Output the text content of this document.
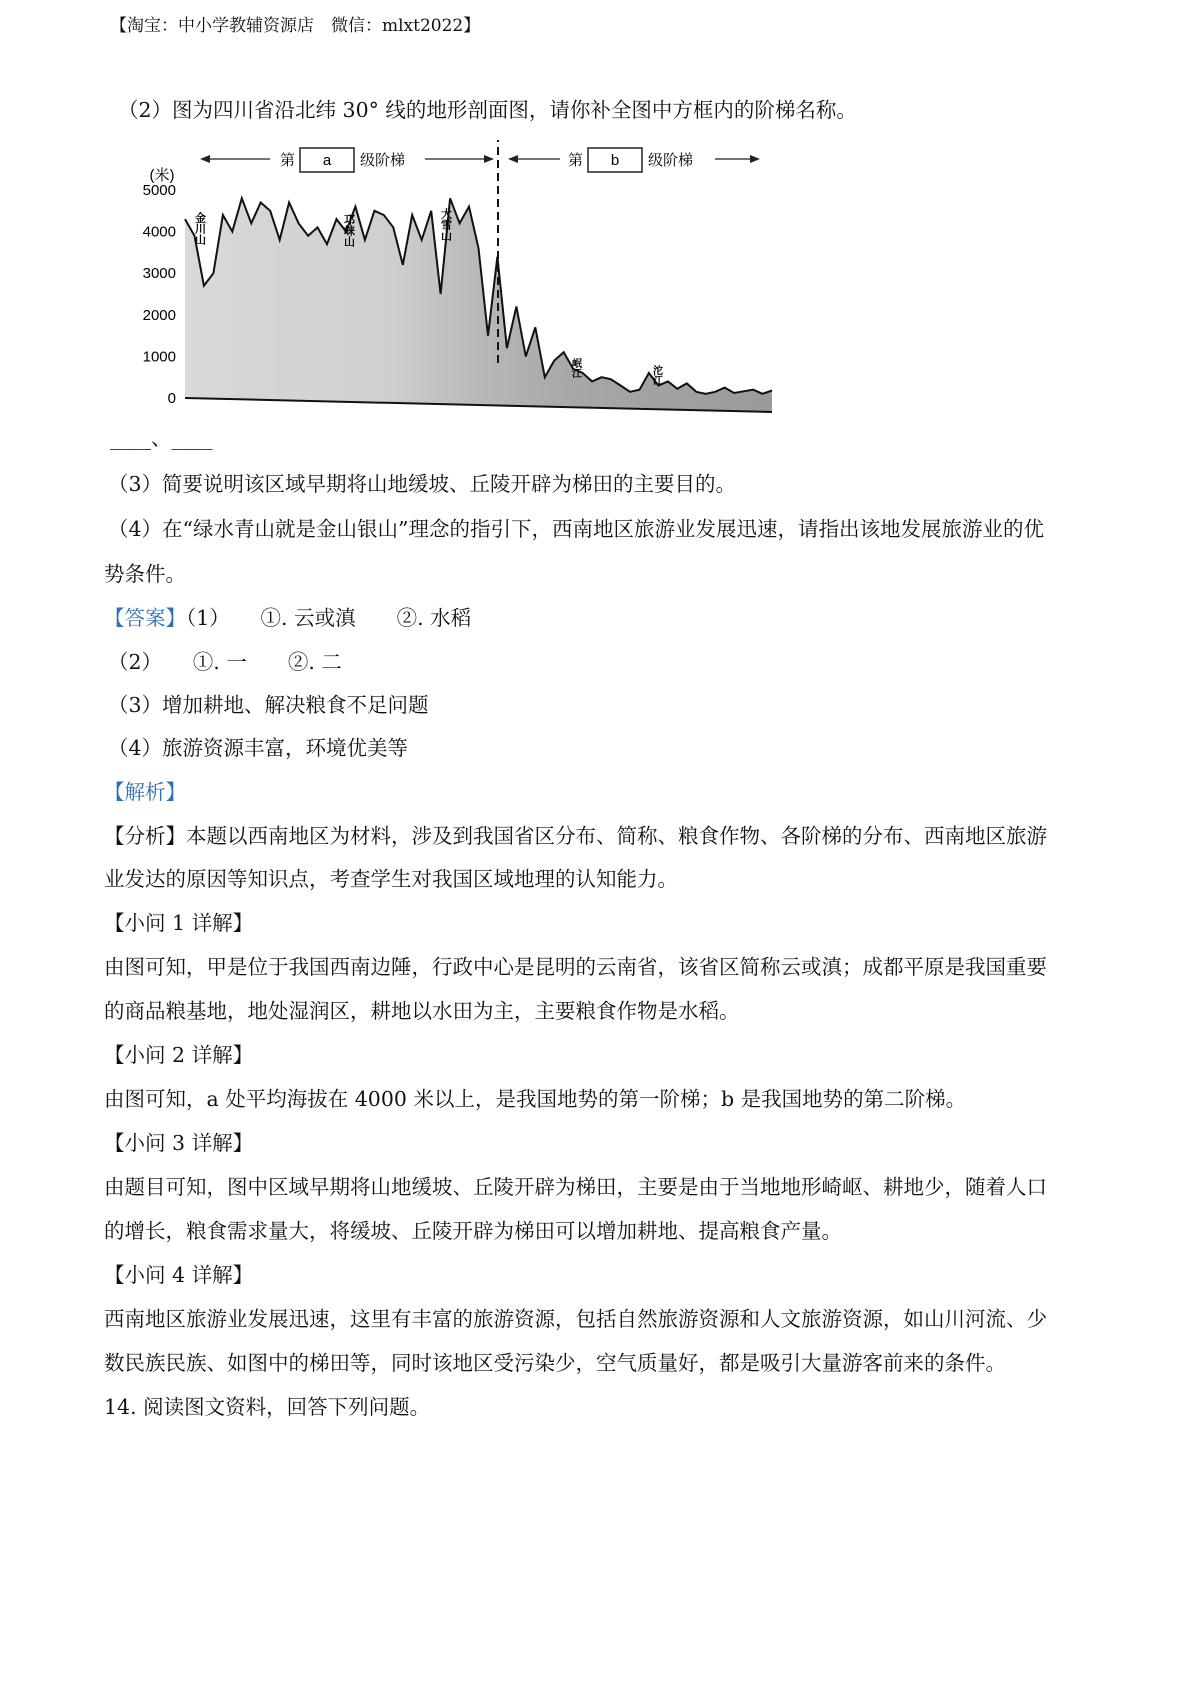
【淘宝：中小学教辅资源店　微信：mlxt2022】
（2）图为四川省沿北纬 30° 线的地形剖面图，请你补全图中方框内的阶梯名称。
5000
4000
3000
2000
1000
0
(米)
第 a 级阶梯	第 b 级阶梯
金川山	邛崃山	大雪山
岷江	沱江
____、____
（3）简要说明该区域早期将山地缓坡、丘陵开辟为梯田的主要目的。
（4）在“绿水青山就是金山银山”理念的指引下，西南地区旅游业发展迅速，请指出该地发展旅游业的优
势条件。
【答案】（1）　　①. 云或滇　　②. 水稻
（2）　　①. 一　　②. 二
（3）增加耕地、解决粮食不足问题
（4）旅游资源丰富，环境优美等
【解析】
【分析】本题以西南地区为材料，涉及到我国省区分布、简称、粮食作物、各阶梯的分布、西南地区旅游
业发达的原因等知识点，考查学生对我国区域地理的认知能力。
【小问 1 详解】
由图可知，甲是位于我国西南边陲，行政中心是昆明的云南省，该省区简称云或滇；成都平原是我国重要
的商品粮基地，地处湿润区，耕地以水田为主，主要粮食作物是水稻。
【小问 2 详解】
由图可知，a 处平均海拔在 4000 米以上，是我国地势的第一阶梯；b 是我国地势的第二阶梯。
【小问 3 详解】
由题目可知，图中区域早期将山地缓坡、丘陵开辟为梯田，主要是由于当地地形崎岖、耕地少，随着人口
的增长，粮食需求量大，将缓坡、丘陵开辟为梯田可以增加耕地、提高粮食产量。
【小问 4 详解】
西南地区旅游业发展迅速，这里有丰富的旅游资源，包括自然旅游资源和人文旅游资源，如山川河流、少
数民族民族、如图中的梯田等，同时该地区受污染少，空气质量好，都是吸引大量游客前来的条件。
14. 阅读图文资料，回答下列问题。
